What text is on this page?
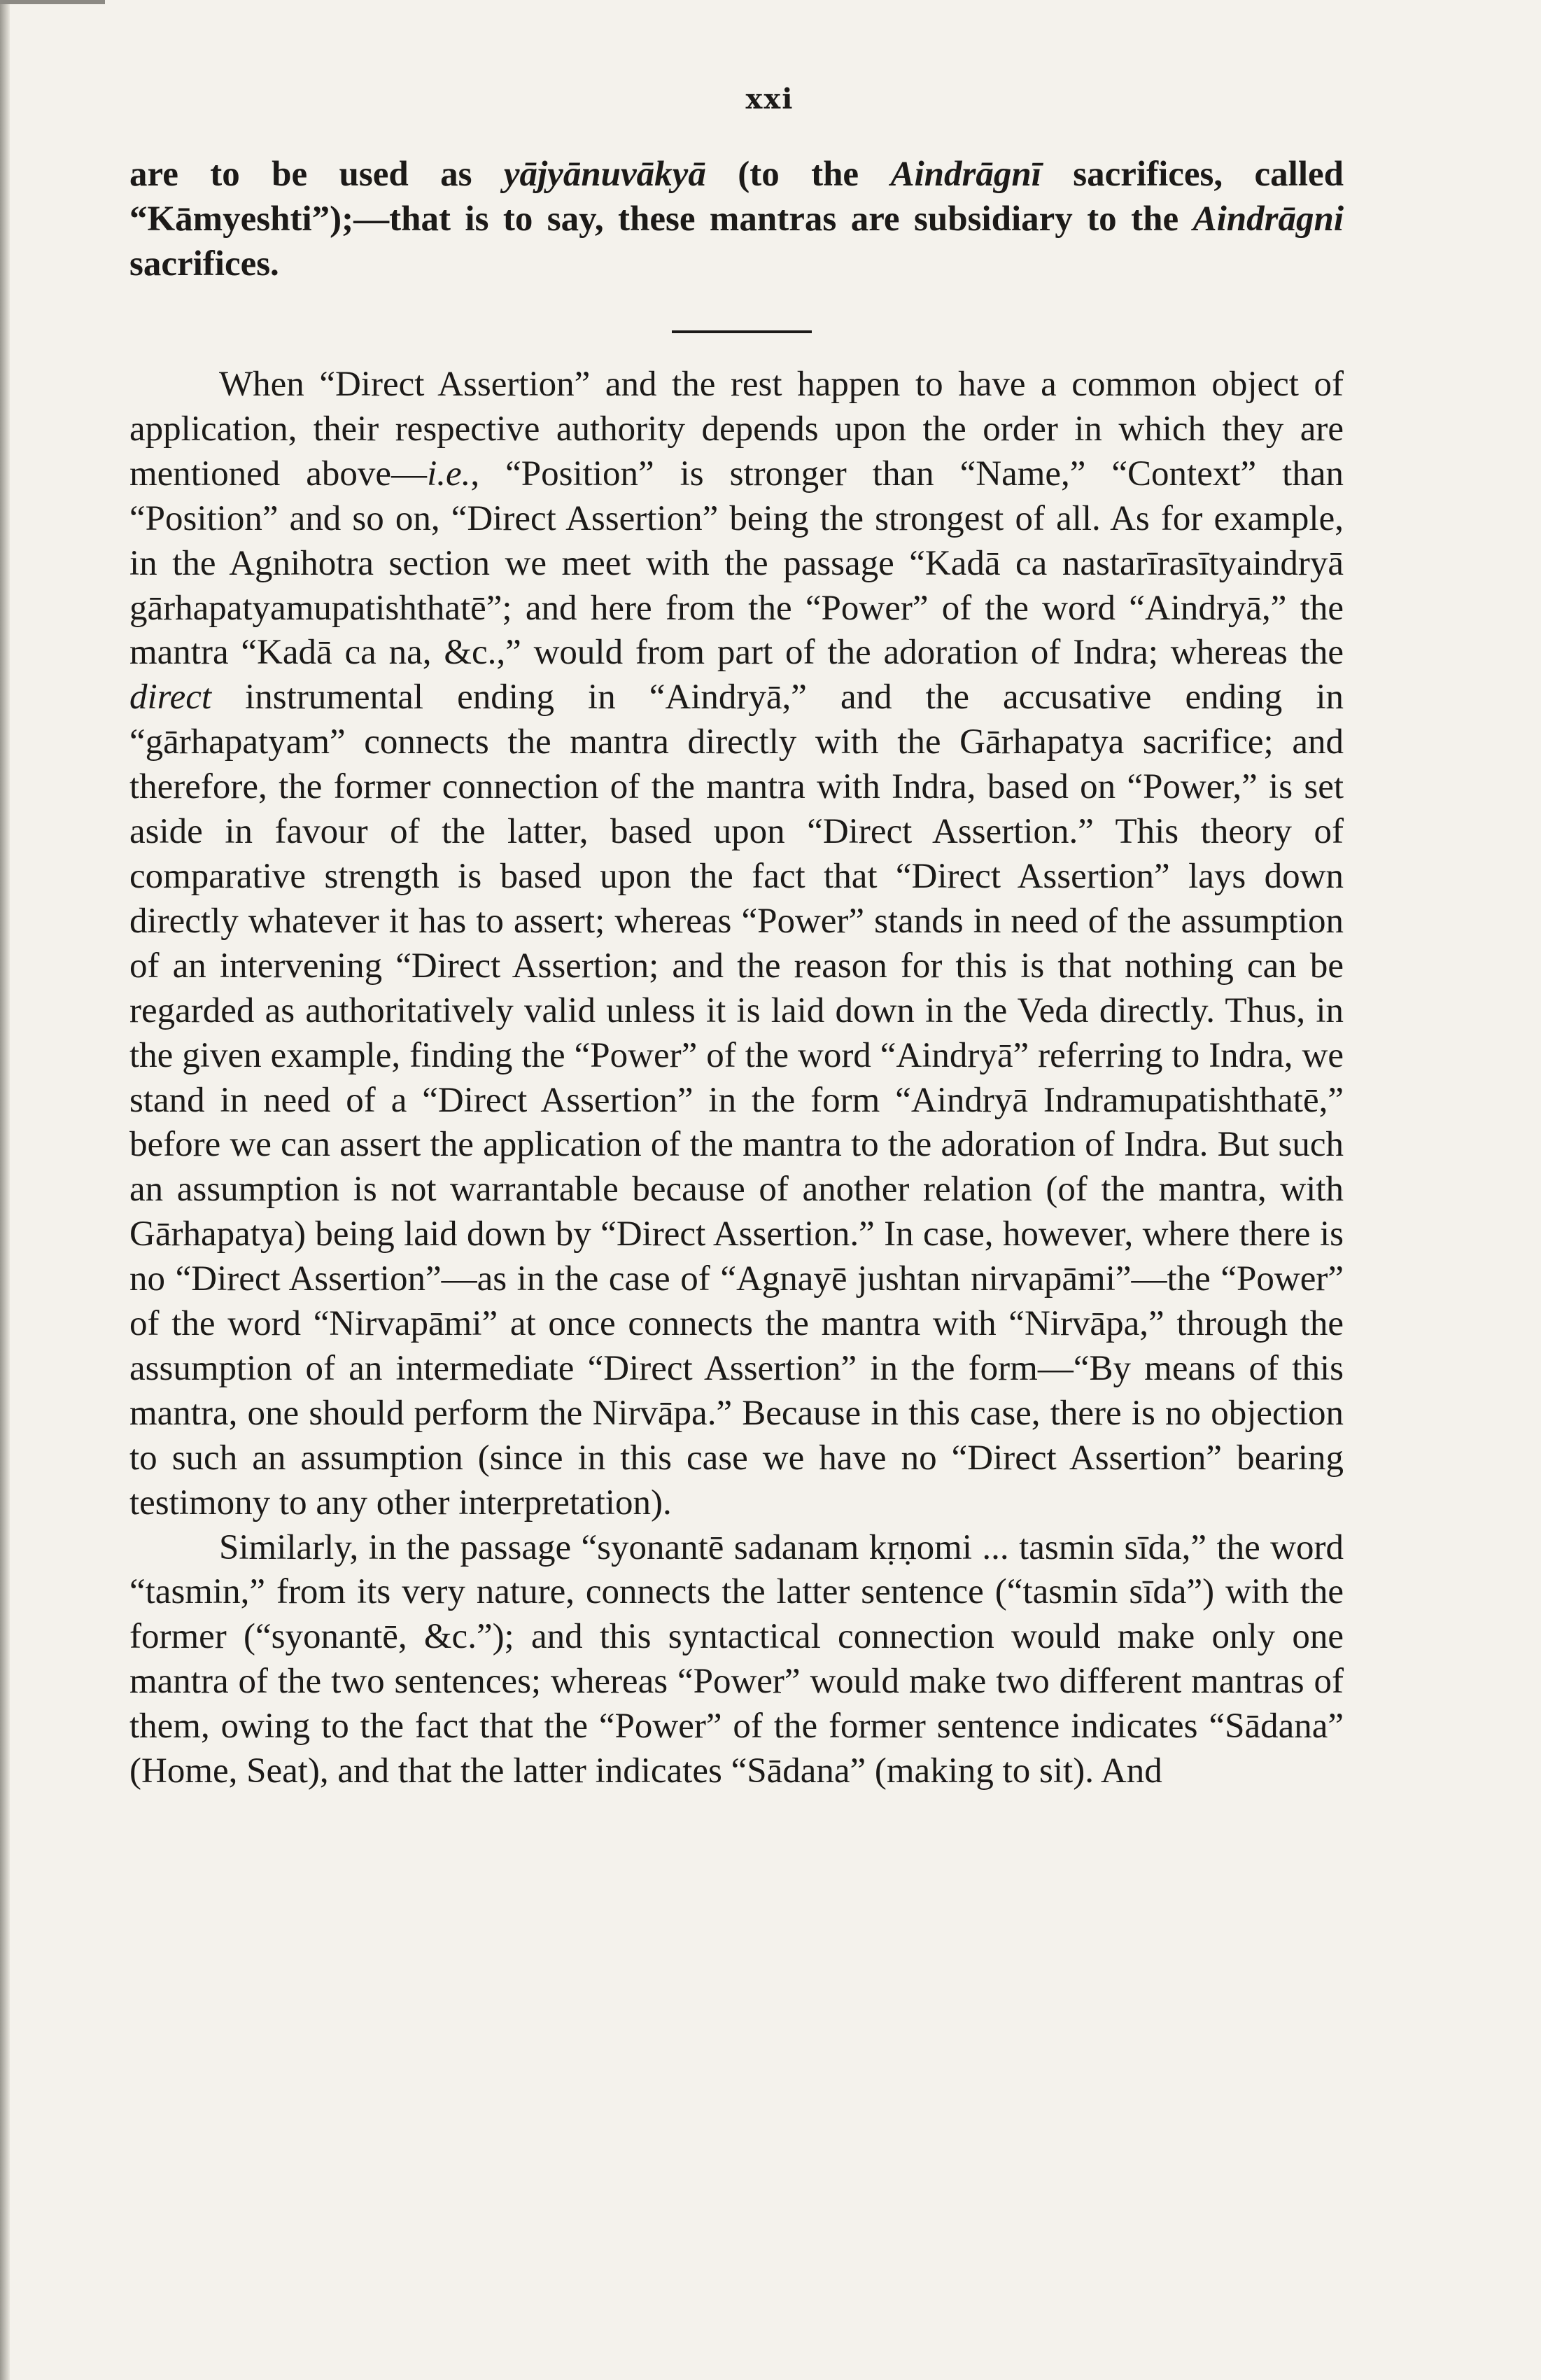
xxi

are to be used as yājyānuvākyā (to the Aindrāgnī sacrifices, called “Kāmyeshti”);—that is to say, these mantras are subsidiary to the Aindrāgni sacrifices.

When “Direct Assertion” and the rest happen to have a common object of application, their respective authority depends upon the order in which they are mentioned above—i.e., “Position” is stronger than “Name,” “Context” than “Position” and so on, “Direct Assertion” being the strongest of all. As for example, in the Agnihotra section we meet with the passage “Kadā ca nastarīrasītyaindryā gārhapatyamupatishthatē”; and here from the “Power” of the word “Aindryā,” the mantra “Kadā ca na, &c.,” would from part of the adoration of Indra; whereas the direct instrumental ending in “Aindryā,” and the accusative ending in “gārhapatyam” connects the mantra directly with the Gārhapatya sacrifice; and therefore, the former connection of the mantra with Indra, based on “Power,” is set aside in favour of the latter, based upon “Direct Assertion.” This theory of comparative strength is based upon the fact that “Direct Assertion” lays down directly whatever it has to assert; whereas “Power” stands in need of the assumption of an intervening “Direct Assertion; and the reason for this is that nothing can be regarded as authoritatively valid unless it is laid down in the Veda directly. Thus, in the given example, finding the “Power” of the word “Aindryā” referring to Indra, we stand in need of a “Direct Assertion” in the form “Aindryā Indramupatishthatē,” before we can assert the application of the mantra to the adoration of Indra. But such an assumption is not warrantable because of another relation (of the mantra, with Gārhapatya) being laid down by “Direct Assertion.” In case, however, where there is no “Direct Assertion”—as in the case of “Agnayē jushtan nirvapāmi”—the “Power” of the word “Nirvapāmi” at once connects the mantra with “Nirvāpa,” through the assumption of an intermediate “Direct Assertion” in the form—“By means of this mantra, one should perform the Nirvāpa.” Because in this case, there is no objection to such an assumption (since in this case we have no “Direct Assertion” bearing testimony to any other interpretation).

Similarly, in the passage “syonantē sadanam kṛṇomi ... tasmin sīda,” the word “tasmin,” from its very nature, connects the latter sentence (“tasmin sīda”) with the former (“syonantē, &c.”); and this syntactical connection would make only one mantra of the two sentences; whereas “Power” would make two different mantras of them, owing to the fact that the “Power” of the former sentence indicates “Sādana” (Home, Seat), and that the latter indicates “Sādana” (making to sit). And
